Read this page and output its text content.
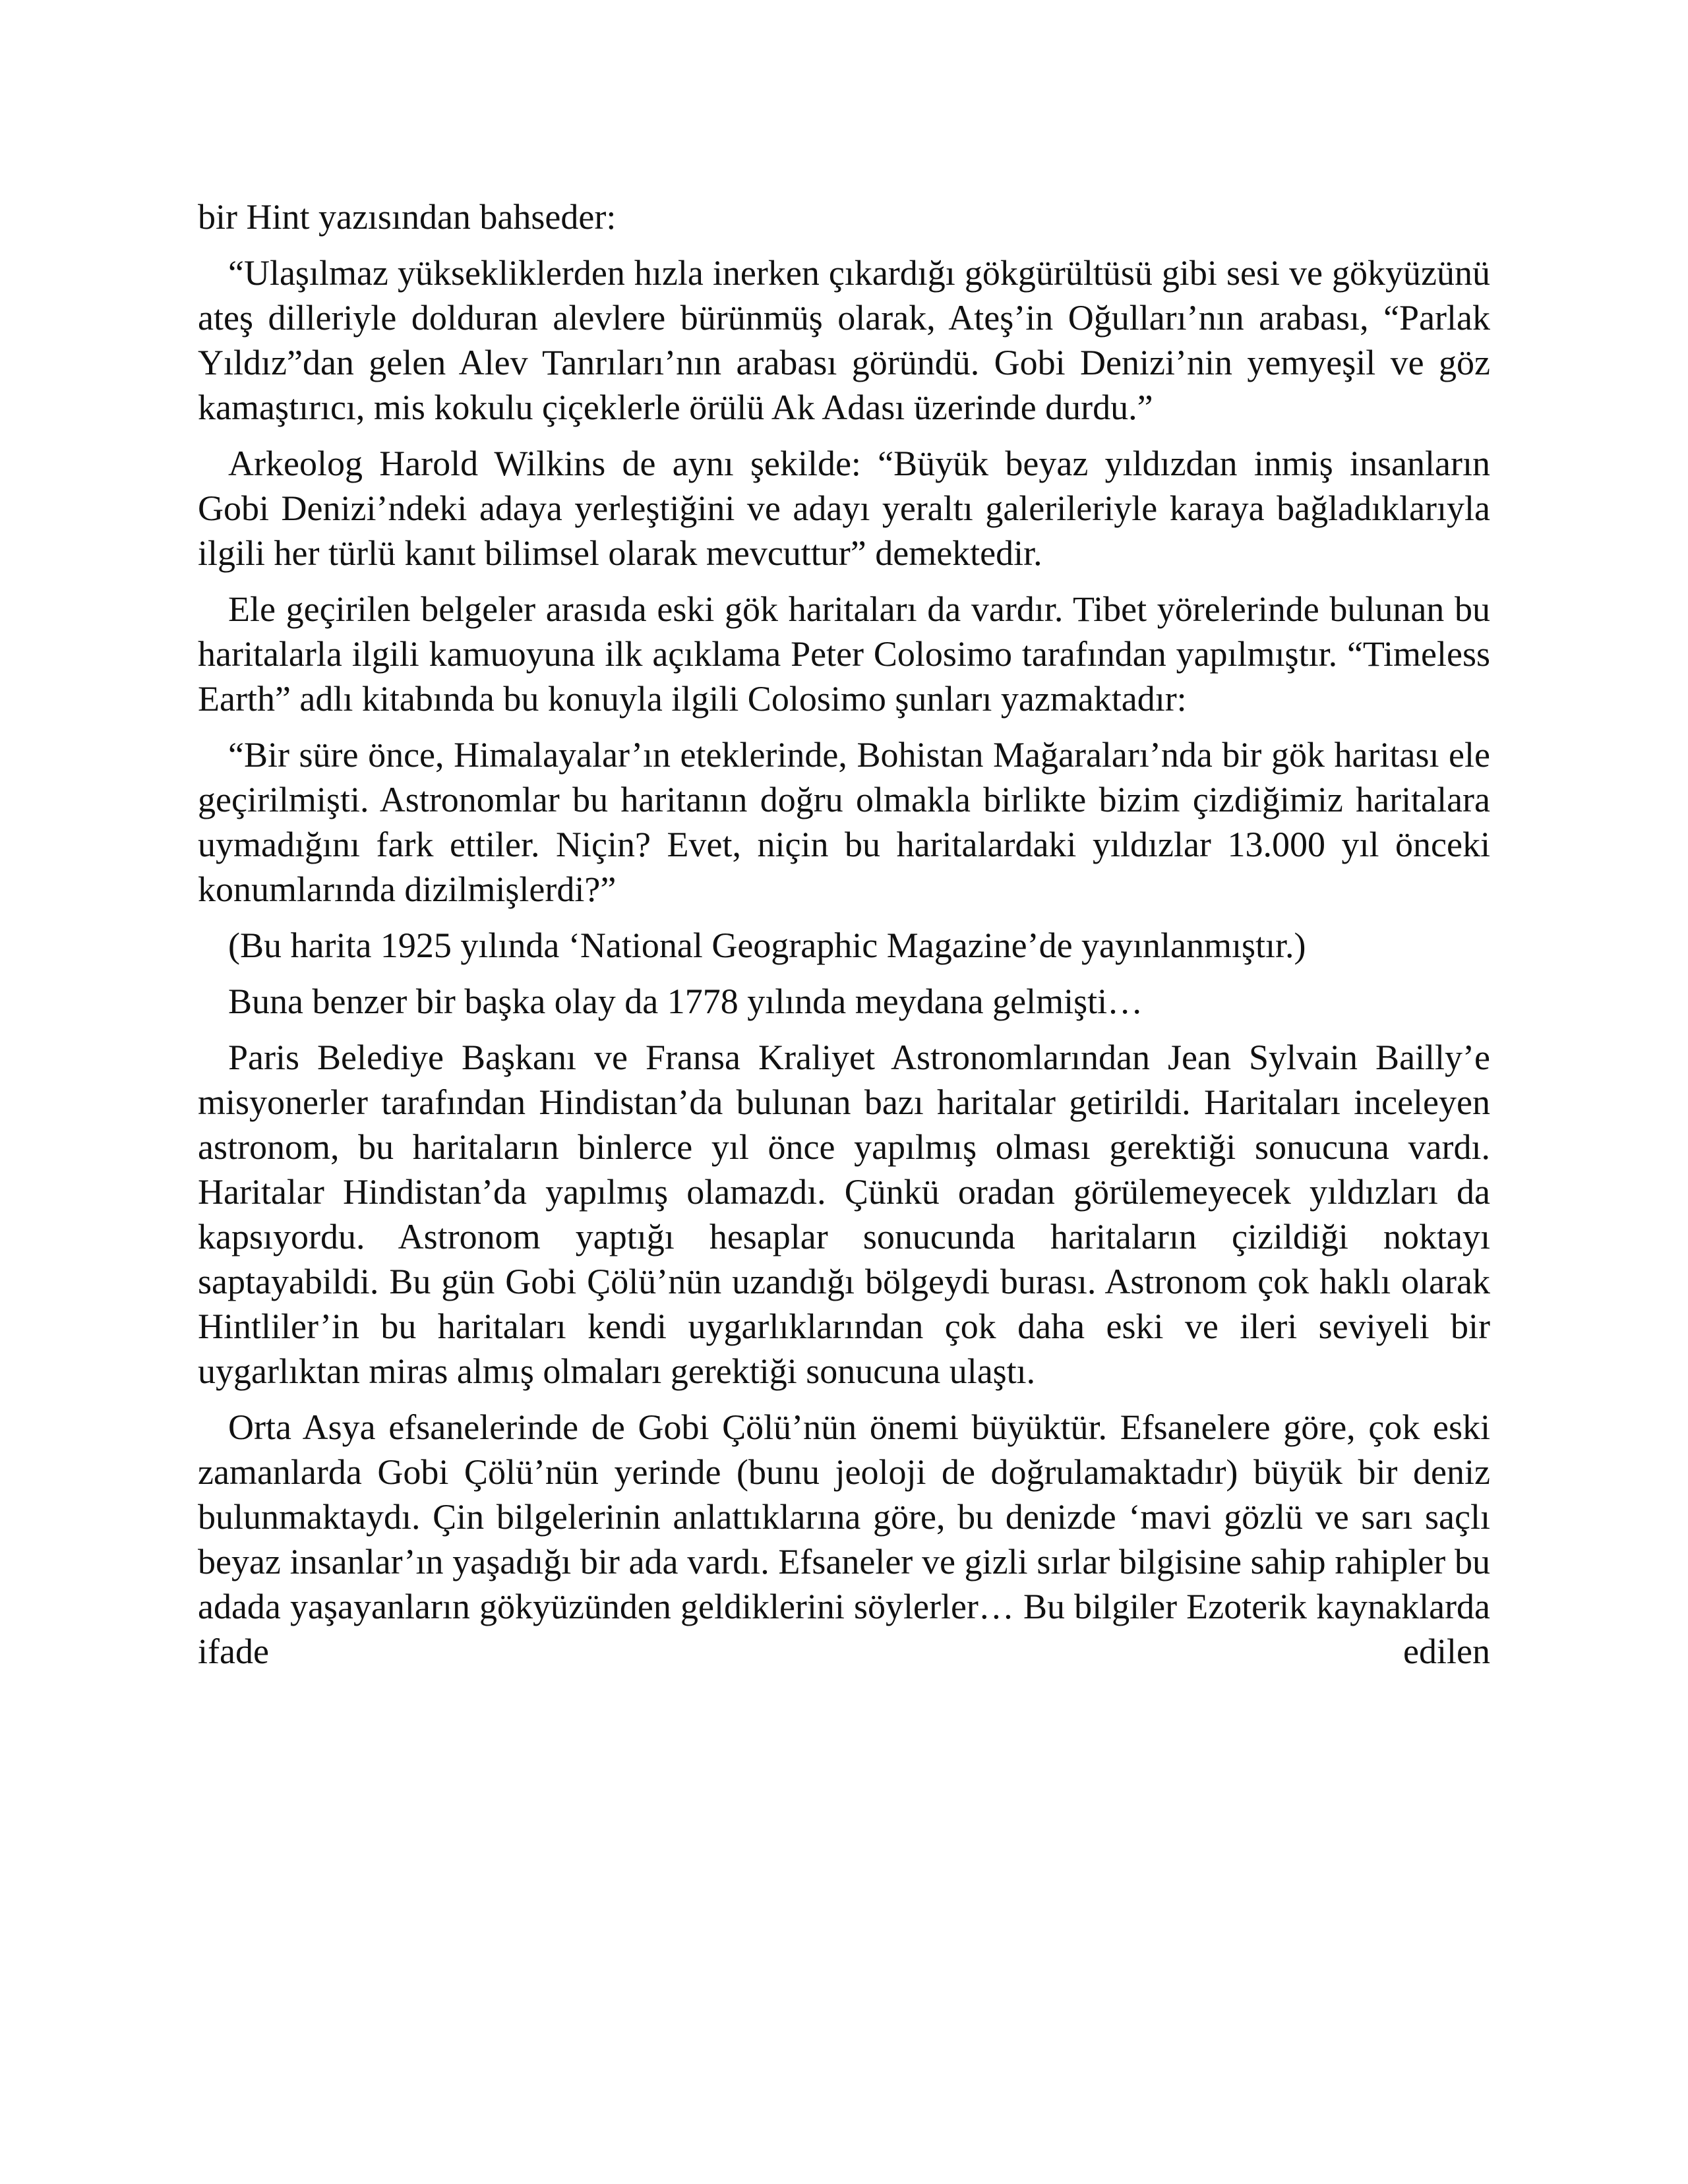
bir Hint yazısından bahseder:

“Ulaşılmaz yüksekliklerden hızla inerken çıkardığı gökgürültüsü gibi sesi ve gökyüzünü ateş dilleriyle dolduran alevlere bürünmüş olarak, Ateş’in Oğulları’nın arabası, “Parlak Yıldız”dan gelen Alev Tanrıları’nın arabası göründü. Gobi Denizi’nin yemyeşil ve göz kamaştırıcı, mis kokulu çiçeklerle örülü Ak Adası üzerinde durdu.”

Arkeolog Harold Wilkins de aynı şekilde: “Büyük beyaz yıldızdan inmiş insanların Gobi Denizi’ndeki adaya yerleştiğini ve adayı yeraltı galerileriyle karaya bağladıklarıyla ilgili her türlü kanıt bilimsel olarak mevcuttur” demektedir.

Ele geçirilen belgeler arasıda eski gök haritaları da vardır. Tibet yörelerinde bulunan bu haritalarla ilgili kamuoyuna ilk açıklama Peter Colosimo tarafından yapılmıştır. “Timeless Earth” adlı kitabında bu konuyla ilgili Colosimo şunları yazmaktadır:

“Bir süre önce, Himalayalar’ın eteklerinde, Bohistan Mağaraları’nda bir gök haritası ele geçirilmişti. Astronomlar bu haritanın doğru olmakla birlikte bizim çizdiğimiz haritalara uymadığını fark ettiler. Niçin? Evet, niçin bu haritalardaki yıldızlar 13.000 yıl önceki konumlarında dizilmişlerdi?”

(Bu harita 1925 yılında ‘National Geographic Magazine’de yayınlanmıştır.)

Buna benzer bir başka olay da 1778 yılında meydana gelmişti…

Paris Belediye Başkanı ve Fransa Kraliyet Astronomlarından Jean Sylvain Bailly’e misyonerler tarafından Hindistan’da bulunan bazı haritalar getirildi. Haritaları inceleyen astronom, bu haritaların binlerce yıl önce yapılmış olması gerektiği sonucuna vardı. Haritalar Hindistan’da yapılmış olamazdı. Çünkü oradan görülemeyecek yıldızları da kapsıyordu. Astronom yaptığı hesaplar sonucunda haritaların çizildiği noktayı saptayabildi. Bu gün Gobi Çölü’nün uzandığı bölgeydi burası. Astronom çok haklı olarak Hintliler’in bu haritaları kendi uygarlıklarından çok daha eski ve ileri seviyeli bir uygarlıktan miras almış olmaları gerektiği sonucuna ulaştı.

Orta Asya efsanelerinde de Gobi Çölü’nün önemi büyüktür. Efsanelere göre, çok eski zamanlarda Gobi Çölü’nün yerinde (bunu jeoloji de doğrulamaktadır) büyük bir deniz bulunmaktaydı. Çin bilgelerinin anlattıklarına göre, bu denizde ‘mavi gözlü ve sarı saçlı beyaz insanlar’ın yaşadığı bir ada vardı. Efsaneler ve gizli sırlar bilgisine sahip rahipler bu adada yaşayanların gökyüzünden geldiklerini söylerler… Bu bilgiler Ezoterik kaynaklarda ifade edilen
